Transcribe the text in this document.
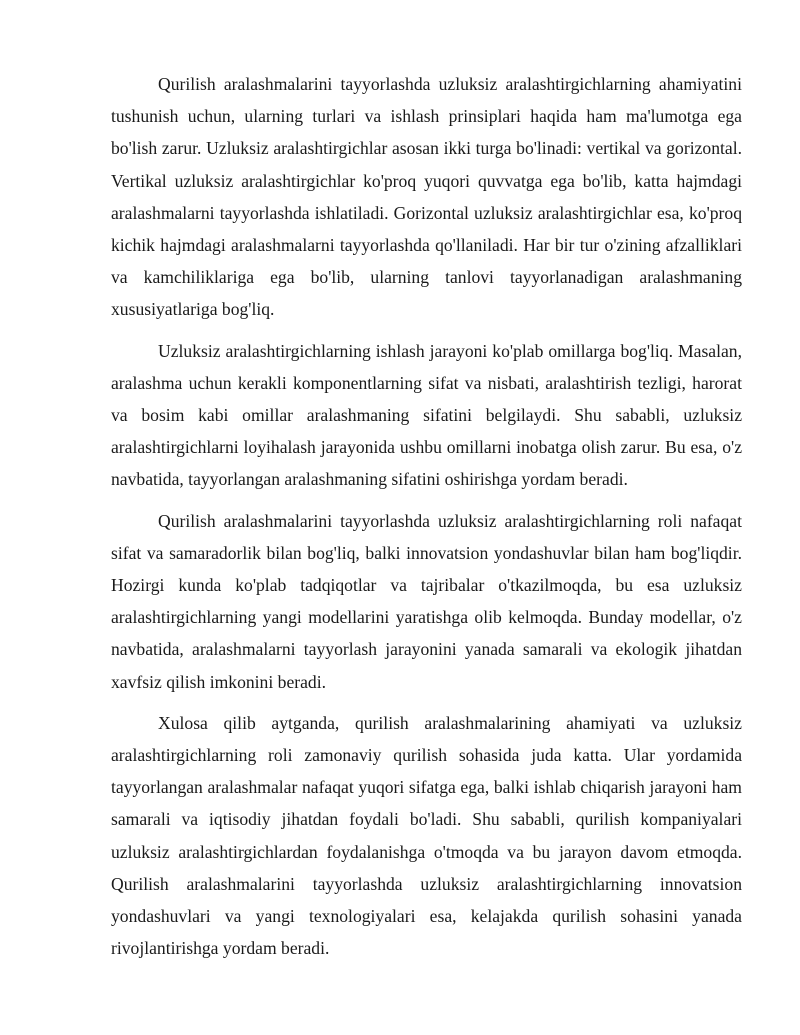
Qurilish aralashmalarini tayyorlashda uzluksiz aralashtirgichlarning ahamiyatini tushunish uchun, ularning turlari va ishlash prinsiplari haqida ham ma'lumotga ega bo'lish zarur. Uzluksiz aralashtirgichlar asosan ikki turga bo'linadi: vertikal va gorizontal. Vertikal uzluksiz aralashtirgichlar ko'proq yuqori quvvatga ega bo'lib, katta hajmdagi aralashmalarni tayyorlashda ishlatiladi. Gorizontal uzluksiz aralashtirgichlar esa, ko'proq kichik hajmdagi aralashmalarni tayyorlashda qo'llaniladi. Har bir tur o'zining afzalliklari va kamchiliklariga ega bo'lib, ularning tanlovi tayyorlanadigan aralashmaning xususiyatlariga bog'liq.

Uzluksiz aralashtirgichlarning ishlash jarayoni ko'plab omillarga bog'liq. Masalan, aralashma uchun kerakli komponentlarning sifat va nisbati, aralashtirish tezligi, harorat va bosim kabi omillar aralashmaning sifatini belgilaydi. Shu sababli, uzluksiz aralashtirgichlarni loyihalash jarayonida ushbu omillarni inobatga olish zarur. Bu esa, o'z navbatida, tayyorlangan aralashmaning sifatini oshirishga yordam beradi.

Qurilish aralashmalarini tayyorlashda uzluksiz aralashtirgichlarning roli nafaqat sifat va samaradorlik bilan bog'liq, balki innovatsion yondashuvlar bilan ham bog'liqdir. Hozirgi kunda ko'plab tadqiqotlar va tajribalar o'tkazilmoqda, bu esa uzluksiz aralashtirgichlarning yangi modellarini yaratishga olib kelmoqda. Bunday modellar, o'z navbatida, aralashmalarni tayyorlash jarayonini yanada samarali va ekologik jihatdan xavfsiz qilish imkonini beradi.

Xulosa qilib aytganda, qurilish aralashmalarining ahamiyati va uzluksiz aralashtirgichlarning roli zamonaviy qurilish sohasida juda katta. Ular yordamida tayyorlangan aralashmalar nafaqat yuqori sifatga ega, balki ishlab chiqarish jarayoni ham samarali va iqtisodiy jihatdan foydali bo'ladi. Shu sababli, qurilish kompaniyalari uzluksiz aralashtirgichlardan foydalanishga o'tmoqda va bu jarayon davom etmoqda. Qurilish aralashmalarini tayyorlashda uzluksiz aralashtirgichlarning innovatsion yondashuvlari va yangi texnologiyalari esa, kelajakda qurilish sohasini yanada rivojlantirishga yordam beradi.
